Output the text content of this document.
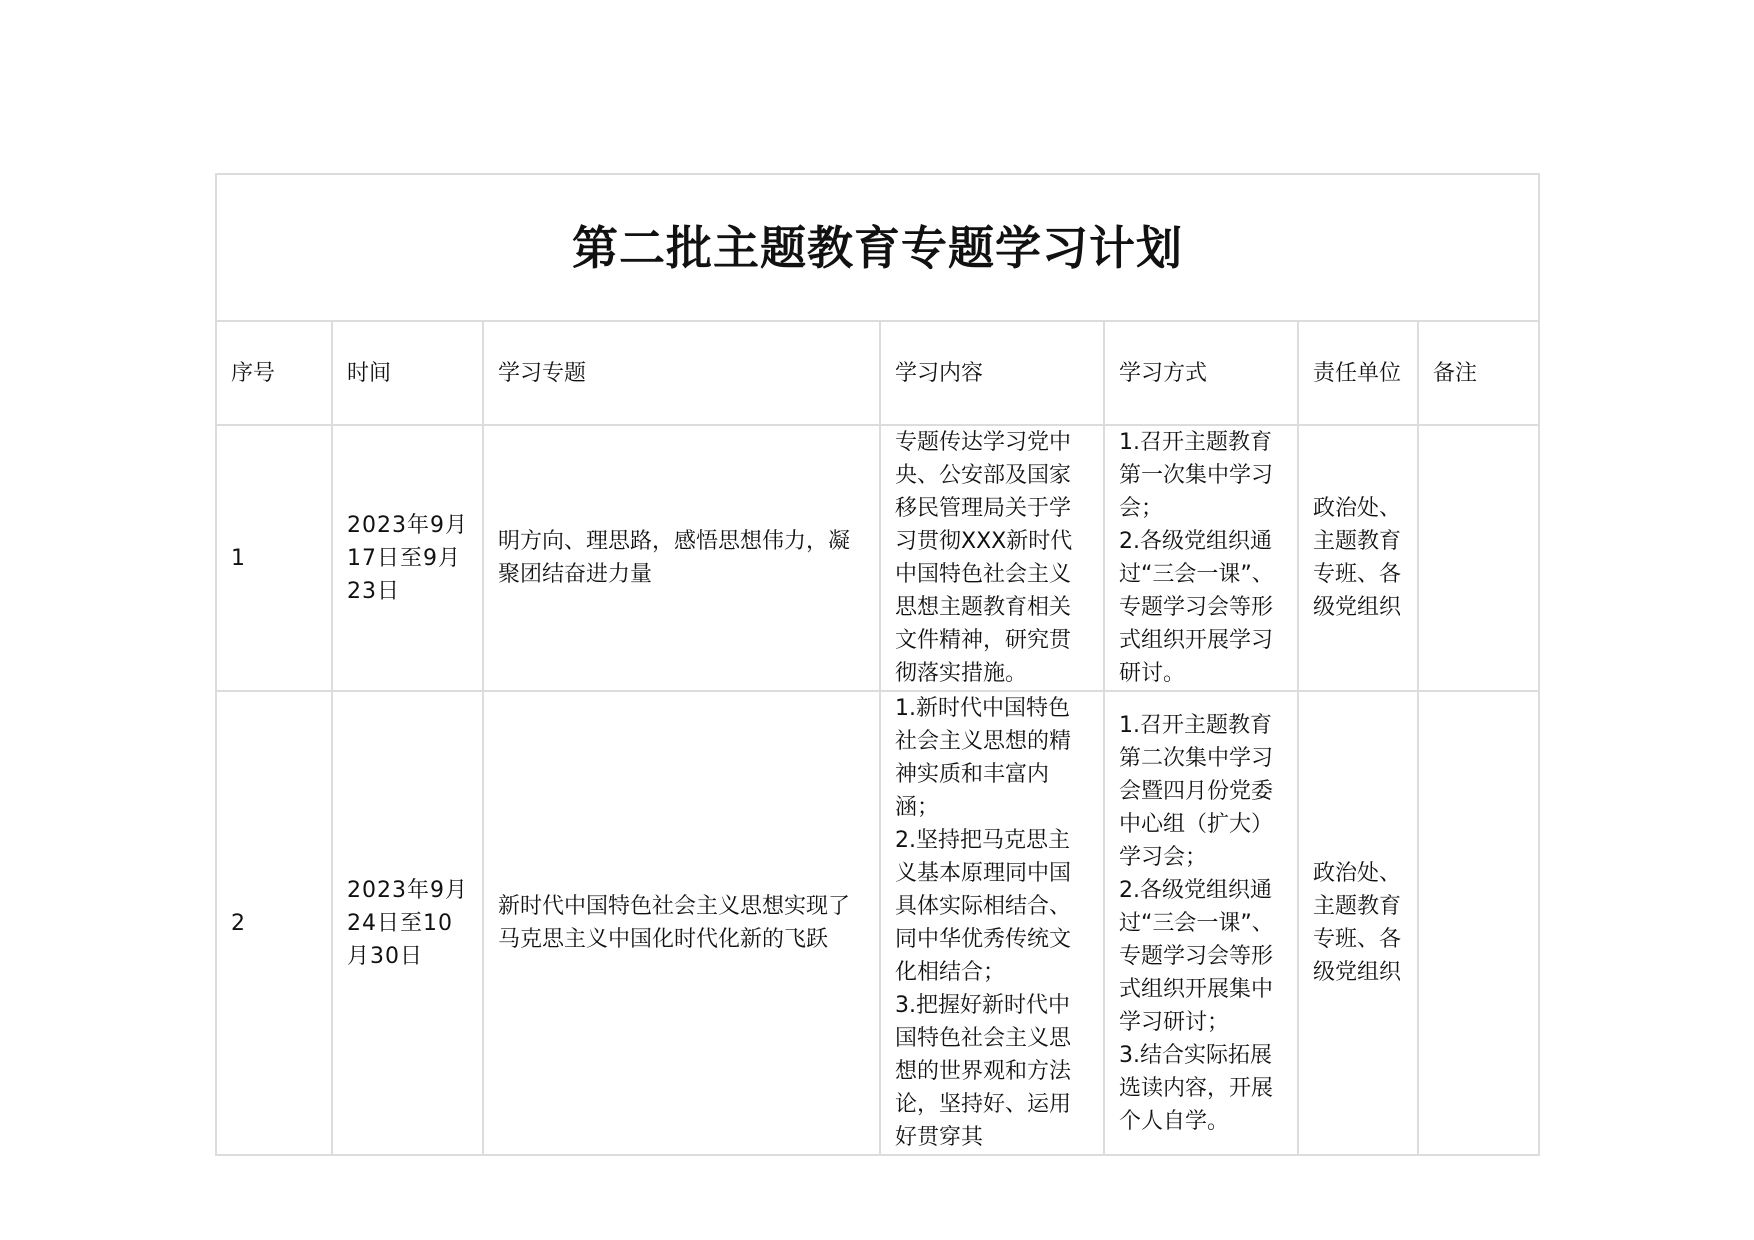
第二批主题教育专题学习计划						
序号	时间	学习专题	学习内容	学习方式	责任单位	备注
1	2023年9月17日至9月23日	明方向、理思路，感悟思想伟力，凝聚团结奋进力量	专题传达学习党中央、公安部及国家移民管理局关于学习贯彻XXX新时代中国特色社会主义思想主题教育相关文件精神，研究贯彻落实措施。	1.召开主题教育第一次集中学习会；
2.各级党组织通过“三会一课”、专题学习会等形式组织开展学习研讨。	政治处、主题教育专班、各级党组织	
2	2023年9月24日至10月30日	新时代中国特色社会主义思想实现了马克思主义中国化时代化新的飞跃	1.新时代中国特色社会主义思想的精神实质和丰富内涵；
2.坚持把马克思主义基本原理同中国具体实际相结合、同中华优秀传统文化相结合；
3.把握好新时代中国特色社会主义思想的世界观和方法论，坚持好、运用好贯穿其	1.召开主题教育第二次集中学习会暨四月份党委中心组（扩大）学习会；
2.各级党组织通过“三会一课”、专题学习会等形式组织开展集中学习研讨；
3.结合实际拓展选读内容，开展个人自学。	政治处、主题教育专班、各级党组织	
